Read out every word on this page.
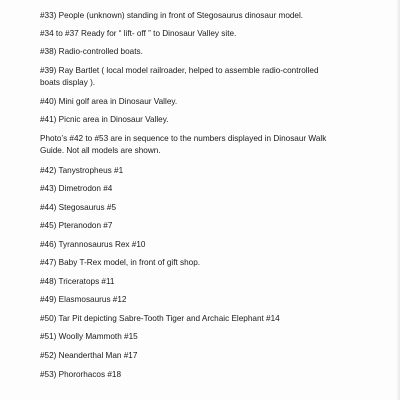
#33) People (unknown) standing in front of Stegosaurus dinosaur model.
#34 to #37 Ready for “ lift- off ” to Dinosaur Valley site.
#38) Radio-controlled boats.
#39) Ray Bartlet ( local model railroader, helped to assemble radio-controlled
boats display ).
#40) Mini golf area in Dinosaur Valley.
#41) Picnic area in Dinosaur Valley.
Photo’s #42 to #53 are in sequence to the numbers displayed in Dinosaur Walk
Guide. Not all models are shown.
#42) Tanystropheus #1
#43) Dimetrodon #4
#44) Stegosaurus #5
#45) Pteranodon #7
#46) Tyrannosaurus Rex #10
#47) Baby T-Rex model, in front of gift shop.
#48) Triceratops #11
#49) Elasmosaurus #12
#50) Tar Pit depicting Sabre-Tooth Tiger and Archaic Elephant #14
#51) Woolly Mammoth #15
#52) Neanderthal Man #17
#53) Phororhacos #18
